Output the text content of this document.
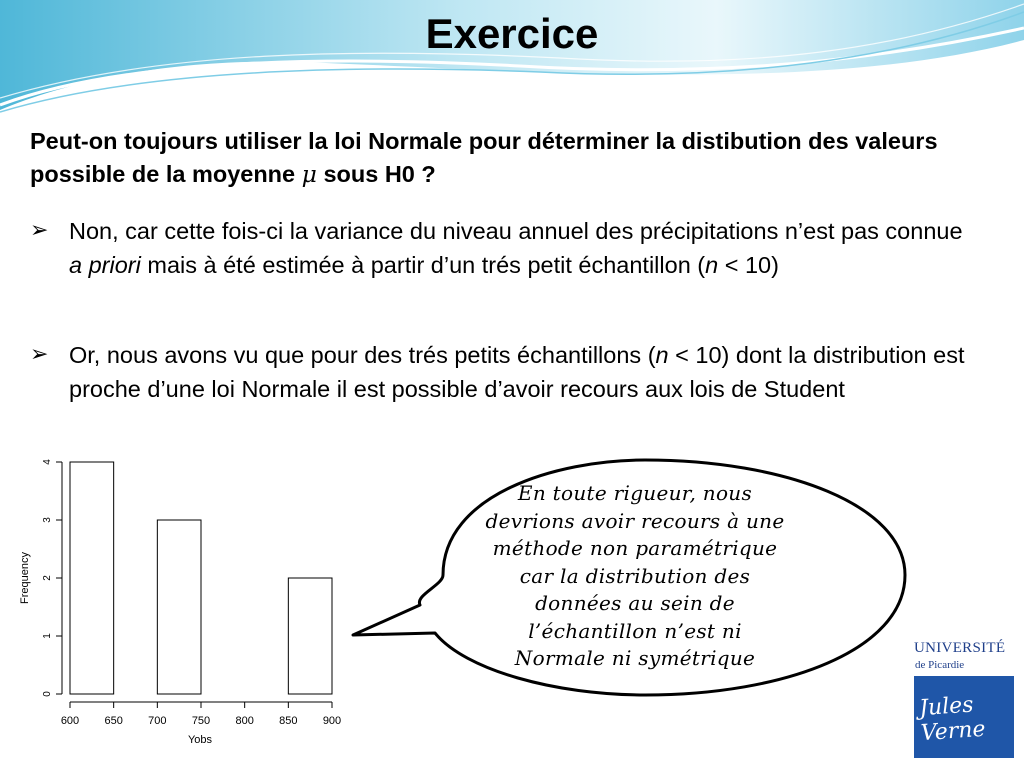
Exercice
Peut-on toujours utiliser la loi Normale pour déterminer la distibution des valeurs possible de la moyenne μ sous H0 ?
➢ Non, car cette fois-ci la variance du niveau annuel des précipitations n’est pas connue a priori mais à été estimée à partir d’un trés petit échantillon (n < 10)
➢ Or, nous avons vu que pour des trés petits échantillons (n < 10) dont la distribution est proche d’une loi Normale il est possible d’avoir recours aux lois de Student
600 650 700 750 800 850 900
0
1
2
3
4
Yobs
Frequency
En toute rigueur, nous
devrions avoir recours à une
méthode non paramétrique
car la distribution des
données au sein de
l’échantillon n’est ni
Normale ni symétrique	UNIVERSITÉ
de Picardie
Jules Verne
